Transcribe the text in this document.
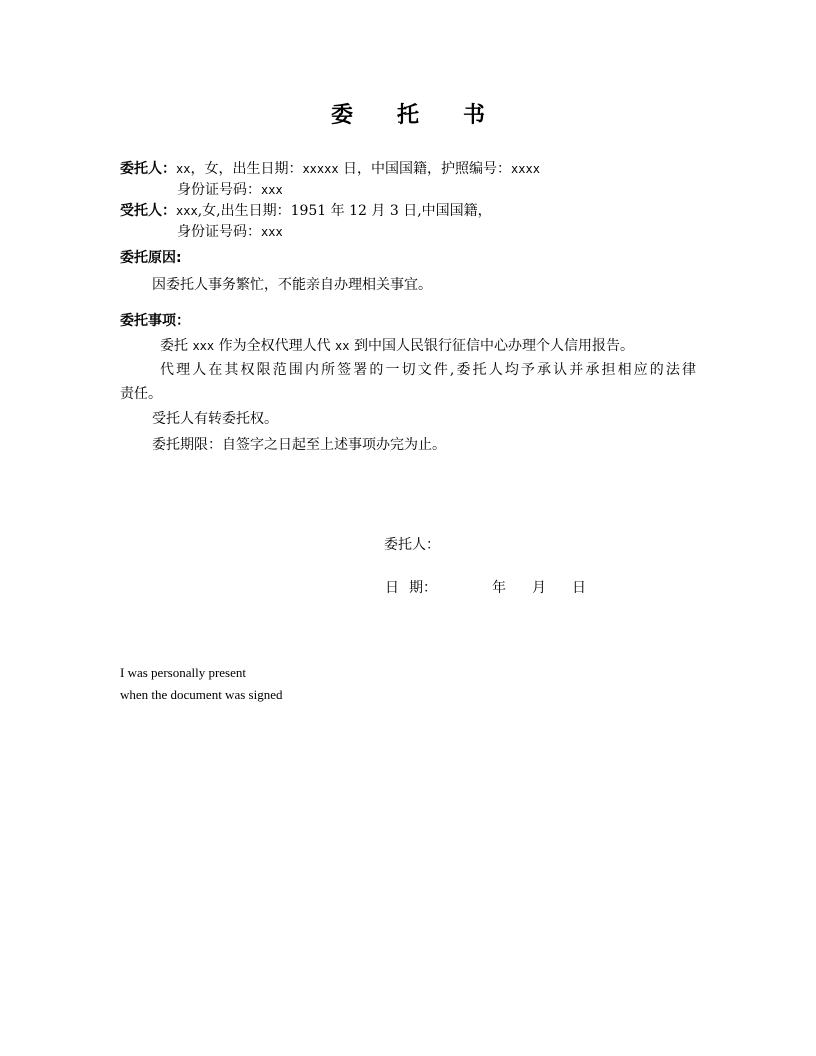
委 托 书
委托人：xx，女，出生日期：xxxxx 日，中国国籍，护照编号：xxxx
身份证号码：xxx
受托人：xxx,女,出生日期：1951 年 12 月 3 日,中国国籍，
身份证号码：xxx
委托原因:
因委托人事务繁忙，不能亲自办理相关事宜。
委托事项：
委托 xxx 作为全权代理人代 xx 到中国人民银行征信中心办理个人信用报告。
代理人在其权限范围内所签署的一切文件,委托人均予承认并承担相应的法律
责任。
受托人有转委托权。
委托期限：自签字之日起至上述事项办完为止。
委托人：
日 期：	年 月 日
I was personally present
when the document was signed
